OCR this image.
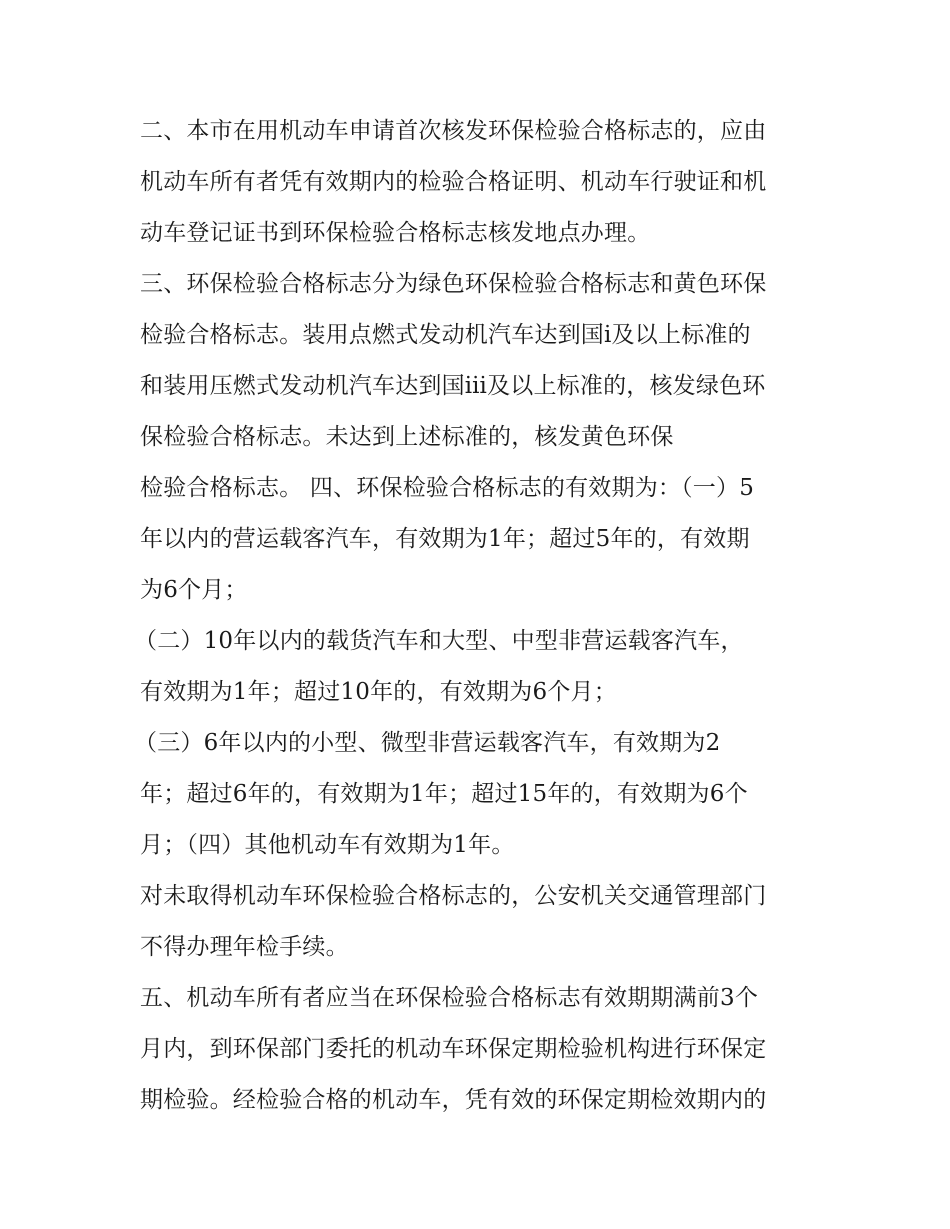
二、本市在用机动车申请首次核发环保检验合格标志的，应由
机动车所有者凭有效期内的检验合格证明、机动车行驶证和机
动车登记证书到环保检验合格标志核发地点办理。
三、环保检验合格标志分为绿色环保检验合格标志和黄色环保
检验合格标志。装用点燃式发动机汽车达到国ⅰ及以上标准的
和装用压燃式发动机汽车达到国ⅲ及以上标准的，核发绿色环
保检验合格标志。未达到上述标准的，核发黄色环保
检验合格标志。 四、环保检验合格标志的有效期为：（一）5
年以内的营运载客汽车，有效期为1年；超过5年的，有效期
为6个月；
（二）10年以内的载货汽车和大型、中型非营运载客汽车，
有效期为1年；超过10年的，有效期为6个月；
（三）6年以内的小型、微型非营运载客汽车，有效期为2
年；超过6年的，有效期为1年；超过15年的，有效期为6个
月；（四）其他机动车有效期为1年。
对未取得机动车环保检验合格标志的，公安机关交通管理部门
不得办理年检手续。
五、机动车所有者应当在环保检验合格标志有效期期满前3个
月内，到环保部门委托的机动车环保定期检验机构进行环保定
期检验。经检验合格的机动车，凭有效的环保定期检效期内的
